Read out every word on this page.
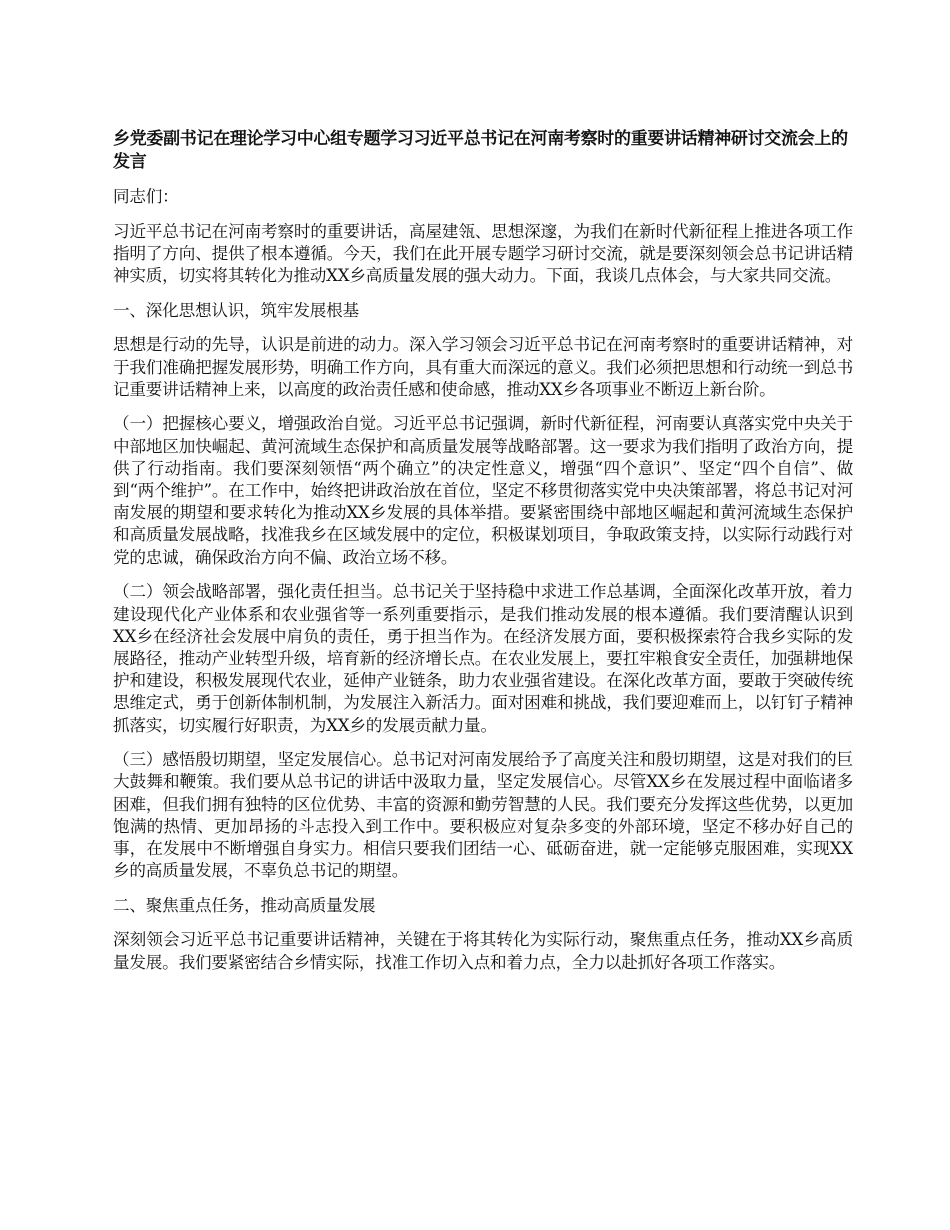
乡党委副书记在理论学习中心组专题学习习近平总书记在河南考察时的重要讲话精神研讨交流会上的发言

同志们：

习近平总书记在河南考察时的重要讲话，高屋建瓴、思想深邃，为我们在新时代新征程上推进各项工作指明了方向、提供了根本遵循。今天，我们在此开展专题学习研讨交流，就是要深刻领会总书记讲话精神实质，切实将其转化为推动XX乡高质量发展的强大动力。下面，我谈几点体会，与大家共同交流。

一、深化思想认识，筑牢发展根基

思想是行动的先导，认识是前进的动力。深入学习领会习近平总书记在河南考察时的重要讲话精神，对于我们准确把握发展形势，明确工作方向，具有重大而深远的意义。我们必须把思想和行动统一到总书记重要讲话精神上来，以高度的政治责任感和使命感，推动XX乡各项事业不断迈上新台阶。

（一）把握核心要义，增强政治自觉。习近平总书记强调，新时代新征程，河南要认真落实党中央关于中部地区加快崛起、黄河流域生态保护和高质量发展等战略部署。这一要求为我们指明了政治方向，提供了行动指南。我们要深刻领悟“两个确立”的决定性意义，增强“四个意识”、坚定“四个自信”、做到“两个维护”。在工作中，始终把讲政治放在首位，坚定不移贯彻落实党中央决策部署，将总书记对河南发展的期望和要求转化为推动XX乡发展的具体举措。要紧密围绕中部地区崛起和黄河流域生态保护和高质量发展战略，找准我乡在区域发展中的定位，积极谋划项目，争取政策支持，以实际行动践行对党的忠诚，确保政治方向不偏、政治立场不移。

（二）领会战略部署，强化责任担当。总书记关于坚持稳中求进工作总基调，全面深化改革开放，着力建设现代化产业体系和农业强省等一系列重要指示，是我们推动发展的根本遵循。我们要清醒认识到XX乡在经济社会发展中肩负的责任，勇于担当作为。在经济发展方面，要积极探索符合我乡实际的发展路径，推动产业转型升级，培育新的经济增长点。在农业发展上，要扛牢粮食安全责任，加强耕地保护和建设，积极发展现代农业，延伸产业链条，助力农业强省建设。在深化改革方面，要敢于突破传统思维定式，勇于创新体制机制，为发展注入新活力。面对困难和挑战，我们要迎难而上，以钉钉子精神抓落实，切实履行好职责，为XX乡的发展贡献力量。

（三）感悟殷切期望，坚定发展信心。总书记对河南发展给予了高度关注和殷切期望，这是对我们的巨大鼓舞和鞭策。我们要从总书记的讲话中汲取力量，坚定发展信心。尽管XX乡在发展过程中面临诸多困难，但我们拥有独特的区位优势、丰富的资源和勤劳智慧的人民。我们要充分发挥这些优势，以更加饱满的热情、更加昂扬的斗志投入到工作中。要积极应对复杂多变的外部环境，坚定不移办好自己的事，在发展中不断增强自身实力。相信只要我们团结一心、砥砺奋进，就一定能够克服困难，实现XX乡的高质量发展，不辜负总书记的期望。

二、聚焦重点任务，推动高质量发展

深刻领会习近平总书记重要讲话精神，关键在于将其转化为实际行动，聚焦重点任务，推动XX乡高质量发展。我们要紧密结合乡情实际，找准工作切入点和着力点，全力以赴抓好各项工作落实。
